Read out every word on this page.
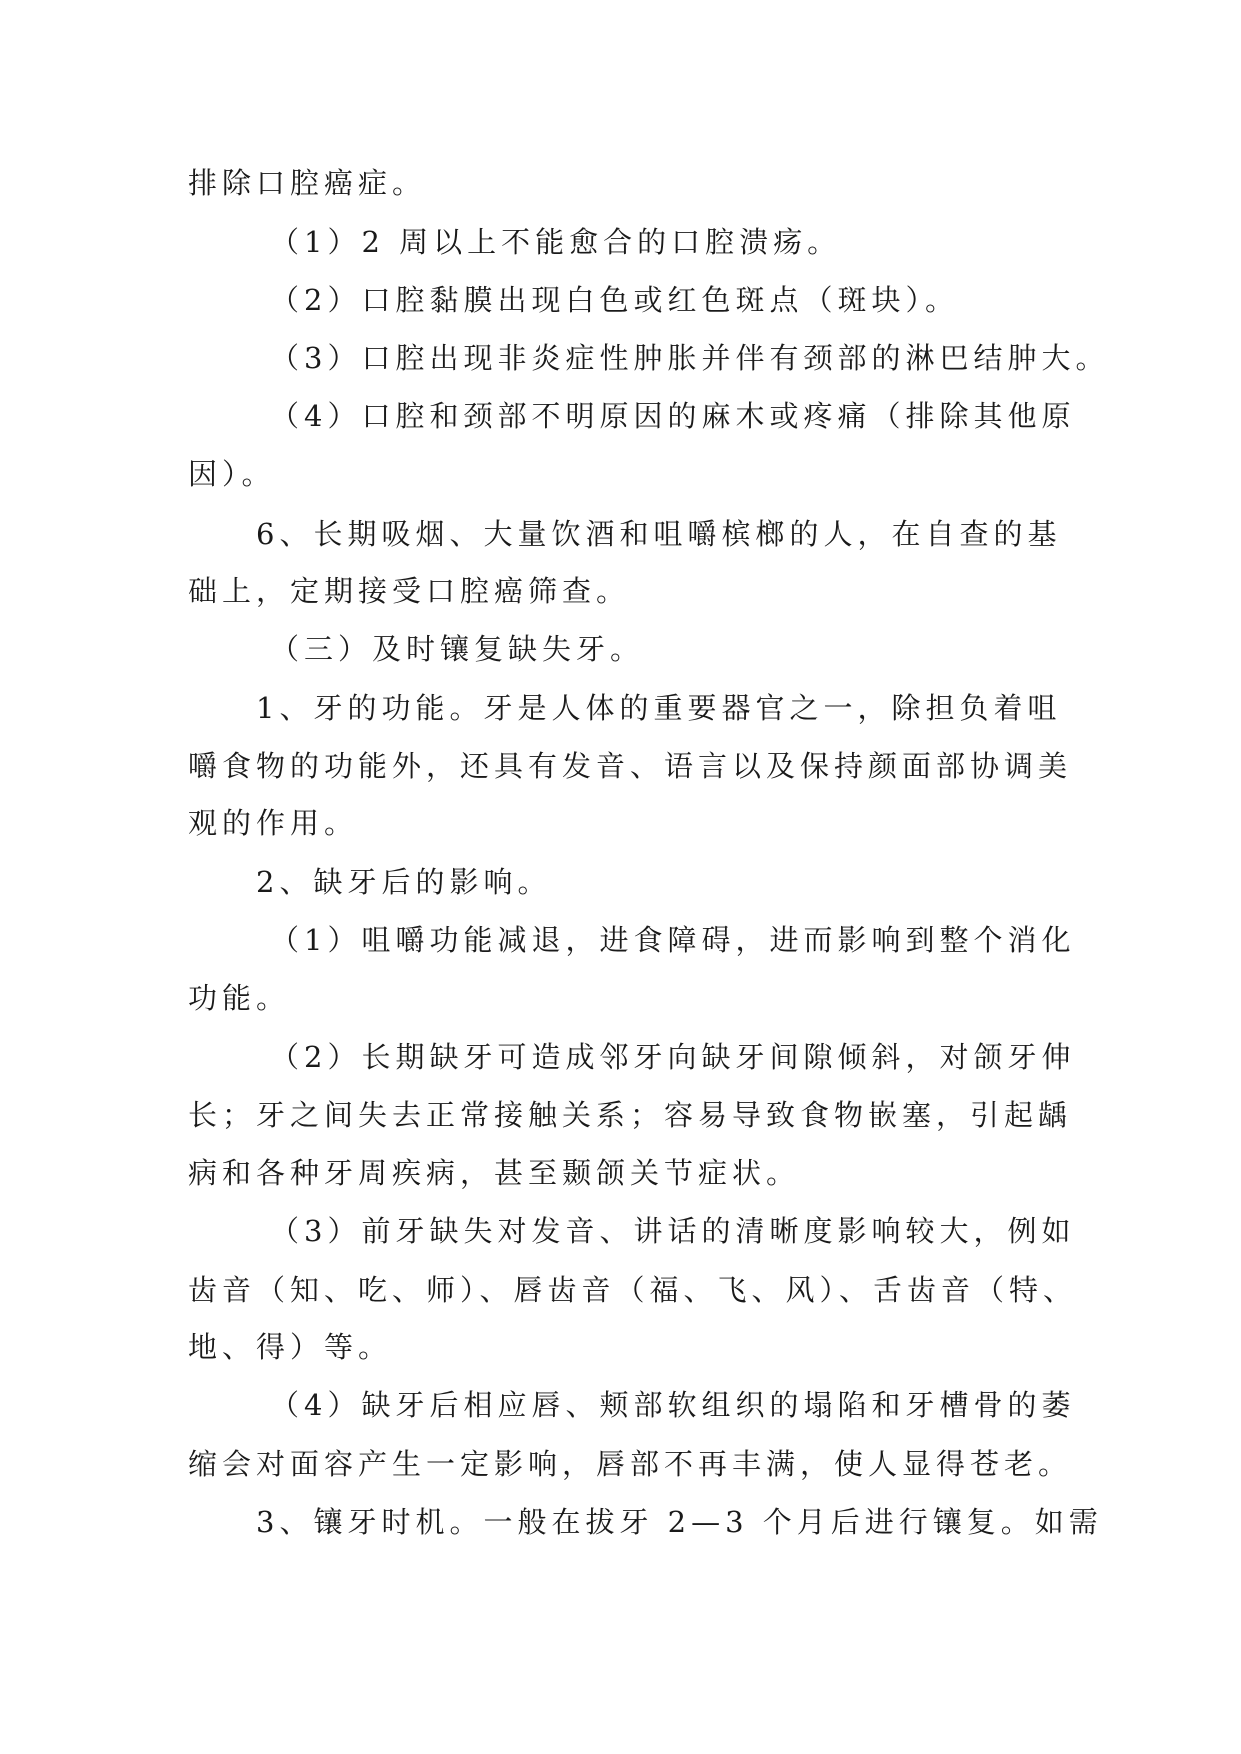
排除口腔癌症。
（1）2 周以上不能愈合的口腔溃疡。
（2）口腔黏膜出现白色或红色斑点（斑块）。
（3）口腔出现非炎症性肿胀并伴有颈部的淋巴结肿大。
（4）口腔和颈部不明原因的麻木或疼痛（排除其他原
因）。
6、长期吸烟、大量饮酒和咀嚼槟榔的人，在自查的基
础上，定期接受口腔癌筛查。
（三）及时镶复缺失牙。
1、牙的功能。牙是人体的重要器官之一，除担负着咀
嚼食物的功能外，还具有发音、语言以及保持颜面部协调美
观的作用。
2、缺牙后的影响。
（1）咀嚼功能减退，进食障碍，进而影响到整个消化
功能。
（2）长期缺牙可造成邻牙向缺牙间隙倾斜，对颌牙伸
长；牙之间失去正常接触关系；容易导致食物嵌塞，引起龋
病和各种牙周疾病，甚至颞颌关节症状。
（3）前牙缺失对发音、讲话的清晰度影响较大，例如
齿音（知、吃、师）、唇齿音（福、飞、风）、舌齿音（特、
地、得）等。
（4）缺牙后相应唇、颊部软组织的塌陷和牙槽骨的萎
缩会对面容产生一定影响，唇部不再丰满，使人显得苍老。
3、镶牙时机。一般在拔牙 2—3 个月后进行镶复。如需
